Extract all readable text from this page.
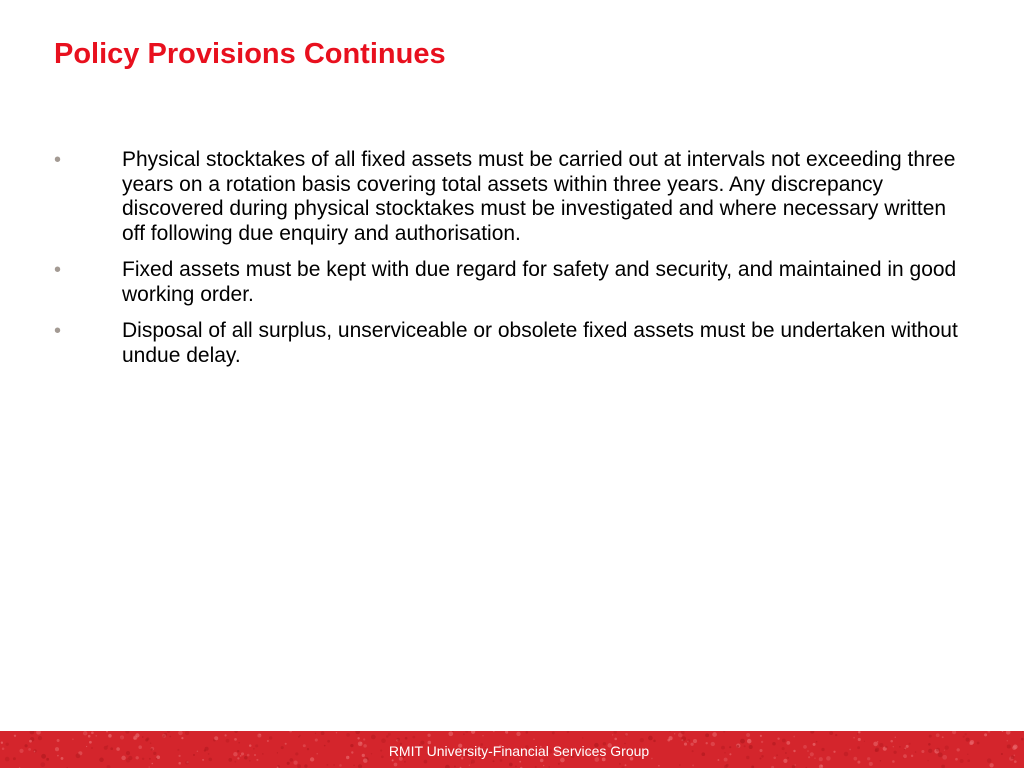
Policy Provisions Continues
•	Physical stocktakes of all fixed assets must be carried out at intervals not exceeding three years on a rotation basis covering total assets within three years. Any discrepancy discovered during physical stocktakes must be investigated and where necessary written off following due enquiry and authorisation.
•	Fixed assets must be kept with due regard for safety and security, and maintained in good working order.
•	Disposal of all surplus, unserviceable or obsolete fixed assets must be undertaken without undue delay.
RMIT University-Financial Services Group
